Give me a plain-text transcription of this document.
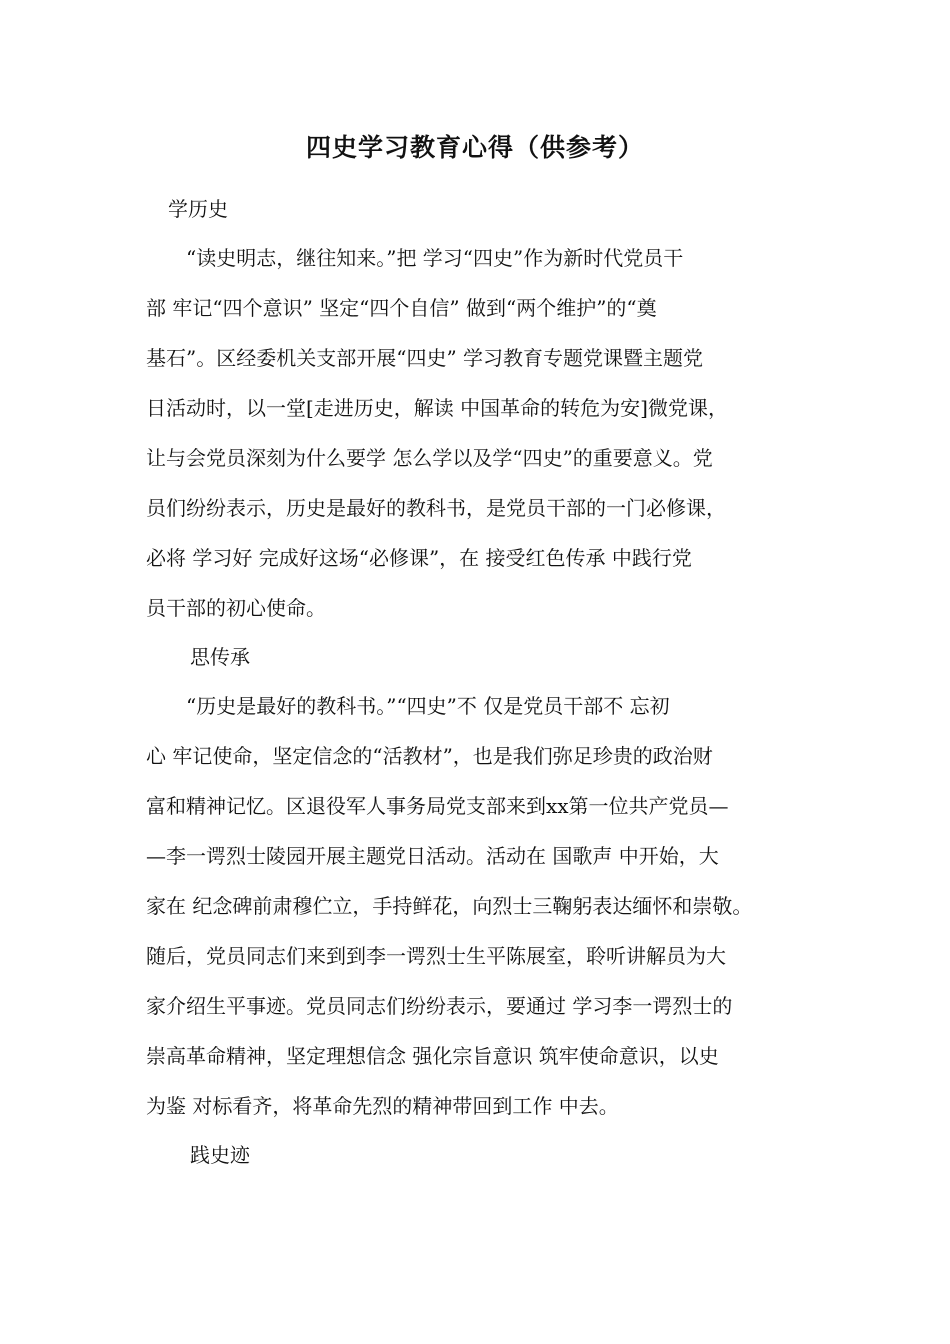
四史学习教育心得（供参考）
学历史
“读史明志，继往知来。”把 学习“四史”作为新时代党员干
部 牢记“四个意识” 坚定“四个自信” 做到“两个维护”的“奠
基石”。区经委机关支部开展“四史” 学习教育专题党课暨主题党
日活动时，以一堂[走进历史，解读 中国革命的转危为安]微党课，
让与会党员深刻为什么要学 怎么学以及学“四史”的重要意义。党
员们纷纷表示，历史是最好的教科书，是党员干部的一门必修课，
必将 学习好 完成好这场“必修课”，在 接受红色传承 中践行党
员干部的初心使命。
思传承
“历史是最好的教科书。”“四史”不 仅是党员干部不 忘初
心 牢记使命，坚定信念的“活教材”，也是我们弥足珍贵的政治财
富和精神记忆。区退役军人事务局党支部来到xx第一位共产党员—
—李一谔烈士陵园开展主题党日活动。活动在 国歌声 中开始，大
家在 纪念碑前肃穆伫立，手持鲜花，向烈士三鞠躬表达缅怀和崇敬。
随后，党员同志们来到到李一谔烈士生平陈展室，聆听讲解员为大
家介绍生平事迹。党员同志们纷纷表示，要通过 学习李一谔烈士的
崇高革命精神，坚定理想信念 强化宗旨意识 筑牢使命意识，以史
为鉴 对标看齐，将革命先烈的精神带回到工作 中去。
践史迹
